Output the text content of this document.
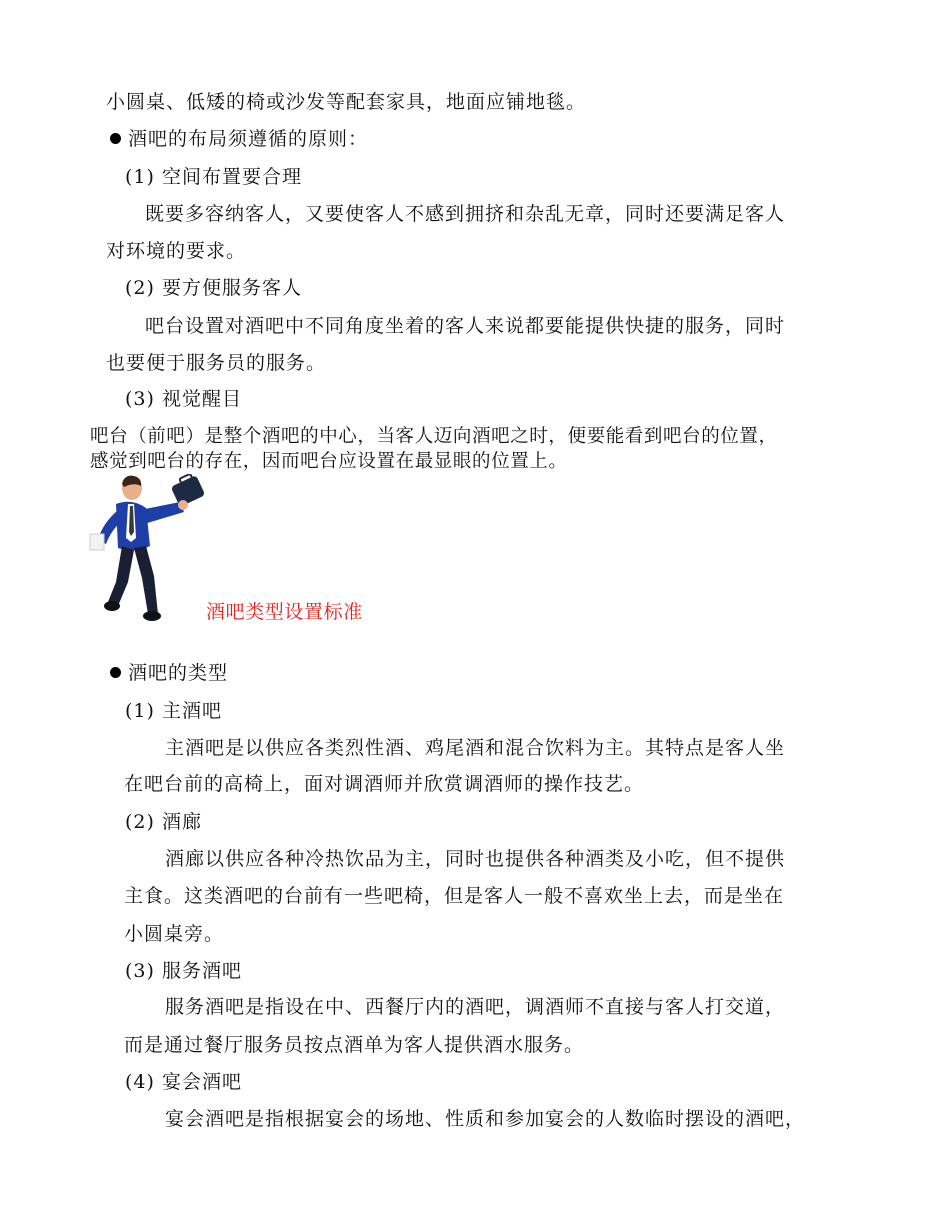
小圆桌、低矮的椅或沙发等配套家具，地面应铺地毯。
酒吧的布局须遵循的原则：
(1) 空间布置要合理
既要多容纳客人，又要使客人不感到拥挤和杂乱无章，同时还要满足客人
对环境的要求。
(2) 要方便服务客人
吧台设置对酒吧中不同角度坐着的客人来说都要能提供快捷的服务，同时
也要便于服务员的服务。
(3) 视觉醒目
吧台（前吧）是整个酒吧的中心，当客人迈向酒吧之时，便要能看到吧台的位置，
感觉到吧台的存在，因而吧台应设置在最显眼的位置上。
酒吧类型设置标准
酒吧的类型
(1) 主酒吧
主酒吧是以供应各类烈性酒、鸡尾酒和混合饮料为主。其特点是客人坐
在吧台前的高椅上，面对调酒师并欣赏调酒师的操作技艺。
(2) 酒廊
酒廊以供应各种冷热饮品为主，同时也提供各种酒类及小吃，但不提供
主食。这类酒吧的台前有一些吧椅，但是客人一般不喜欢坐上去，而是坐在
小圆桌旁。
(3) 服务酒吧
服务酒吧是指设在中、西餐厅内的酒吧，调酒师不直接与客人打交道，
而是通过餐厅服务员按点酒单为客人提供酒水服务。
(4) 宴会酒吧
宴会酒吧是指根据宴会的场地、性质和参加宴会的人数临时摆设的酒吧，
